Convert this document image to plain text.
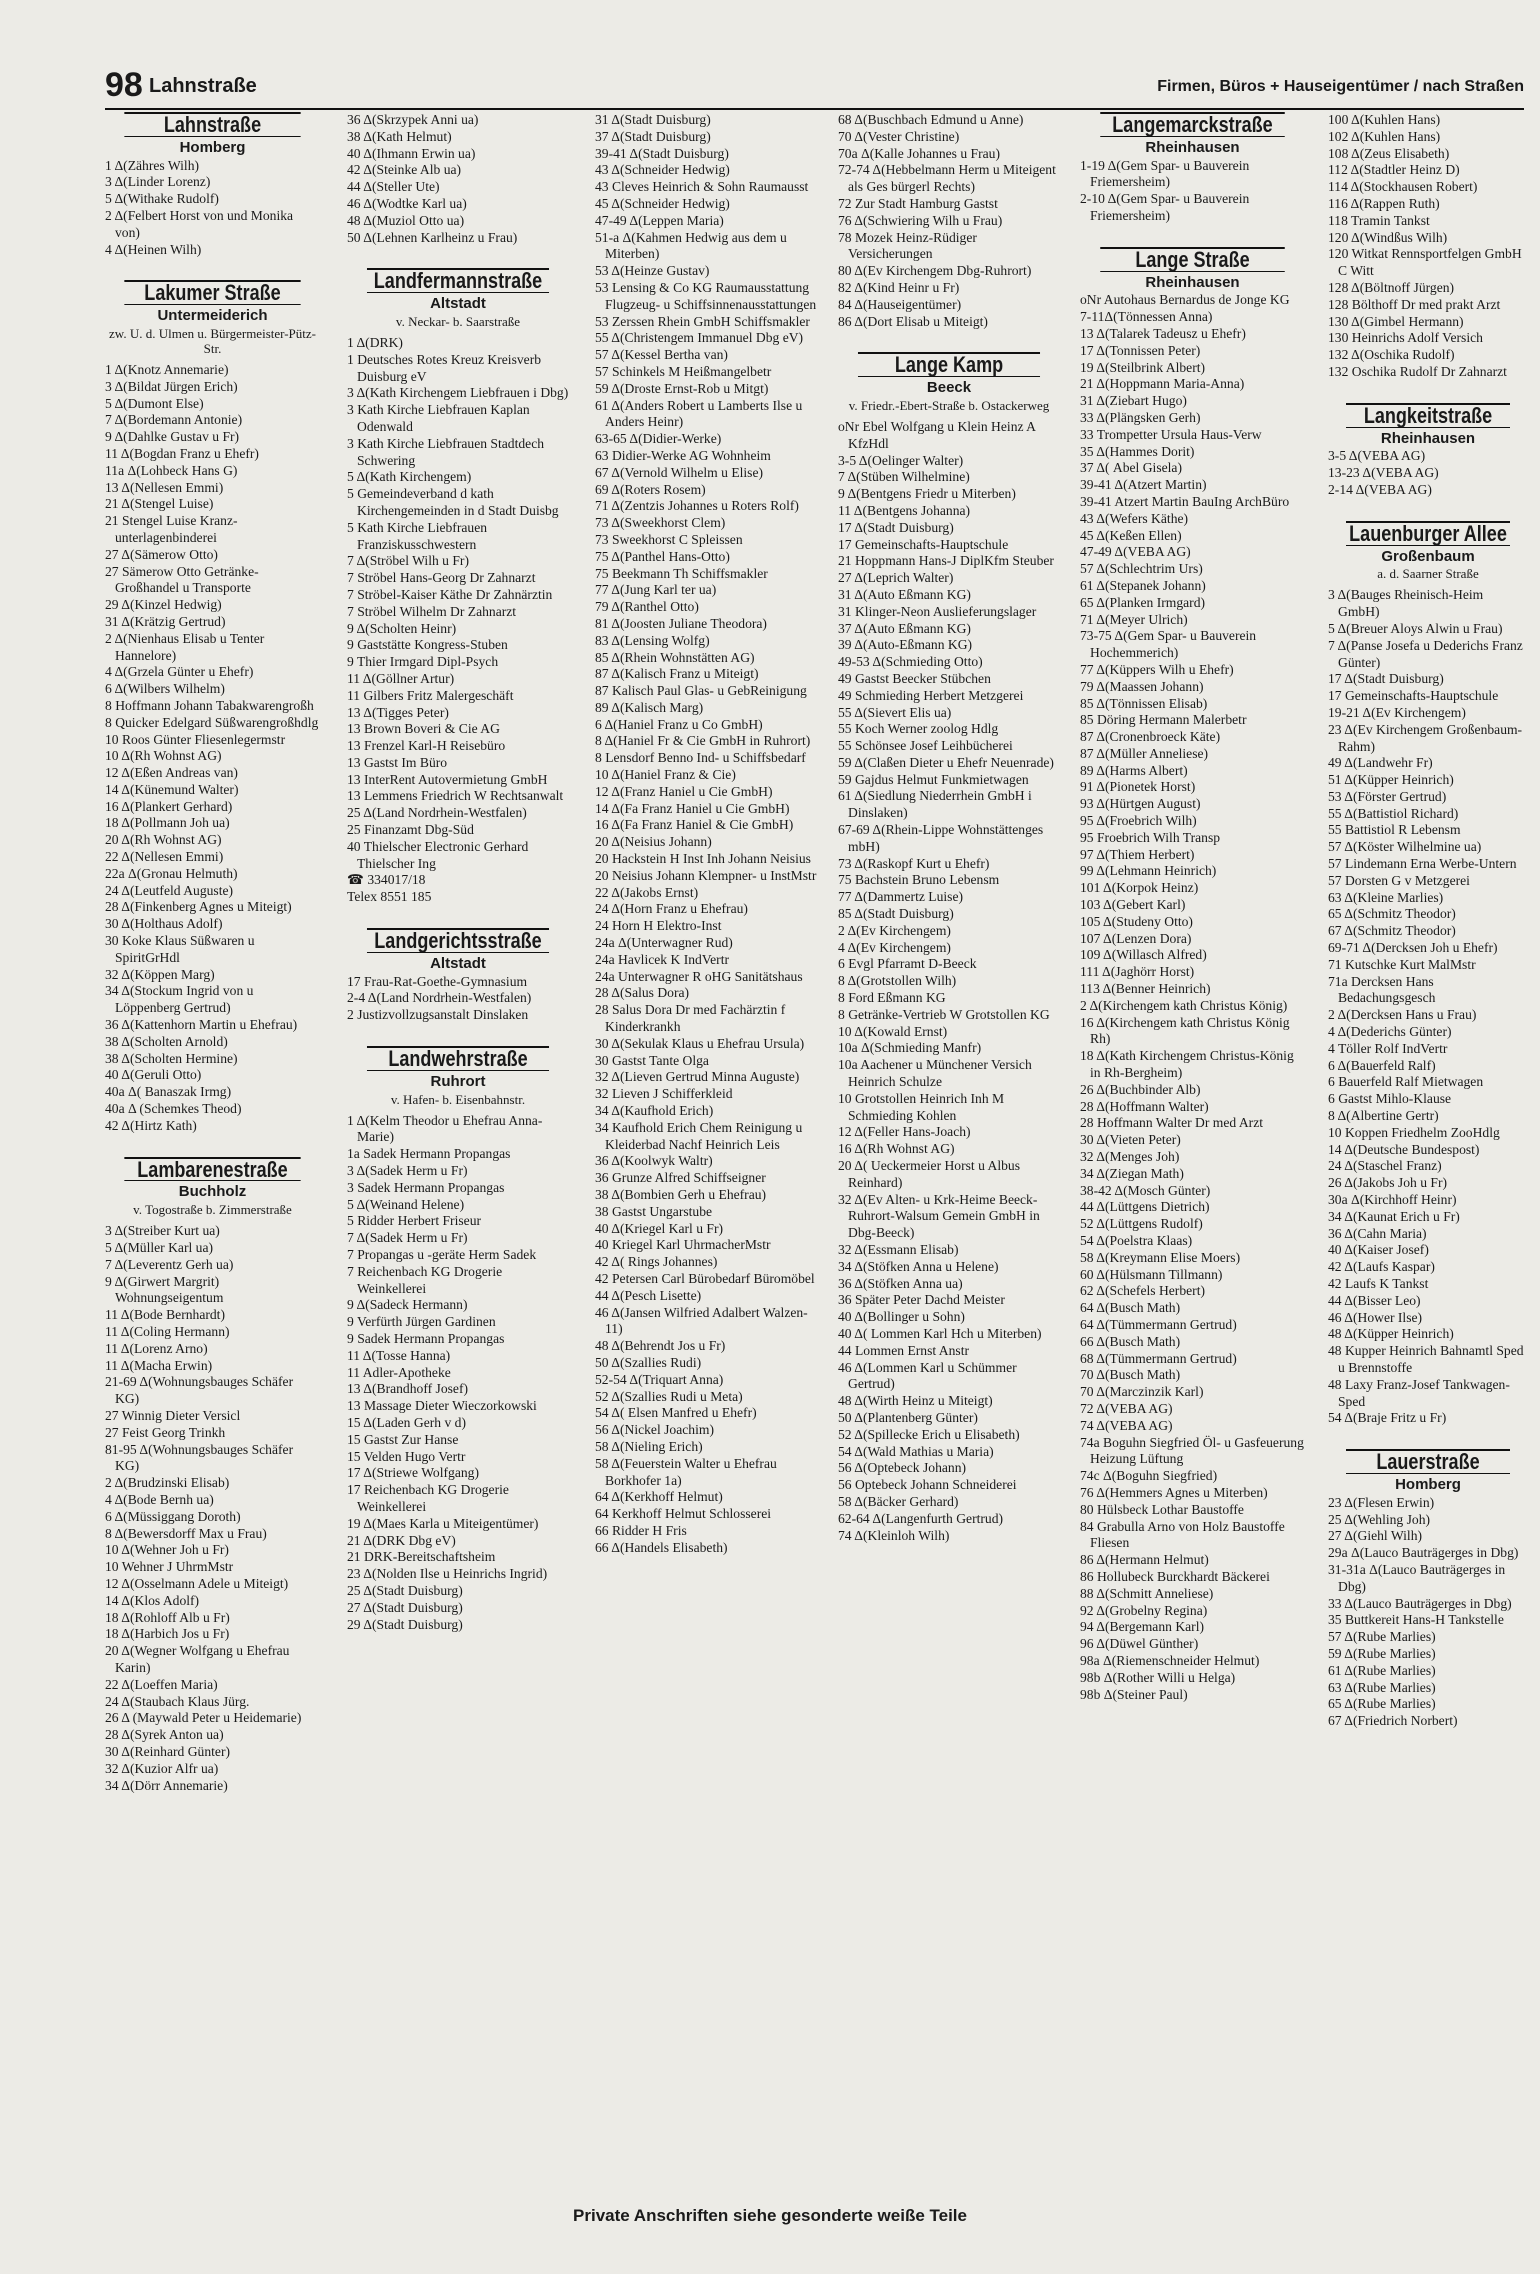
98 Lahnstraße	Firmen, Büros + Hauseigentümer / nach Straßen
Lahnstraße
Homberg
1 Δ(Zähres Wilh)
3 Δ(Linder Lorenz)
5 Δ(Withake Rudolf)
2 Δ(Felbert Horst von und Monika von)
4 Δ(Heinen Wilh)
Lakumer Straße
Untermeiderich
zw. U. d. Ulmen u. Bürgermeister-Pütz-Str.
1 Δ(Knotz Annemarie)
3 Δ(Bildat Jürgen Erich)
5 Δ(Dumont Else)
7 Δ(Bordemann Antonie)
9 Δ(Dahlke Gustav u Fr)
11 Δ(Bogdan Franz u Ehefr)
11a Δ(Lohbeck Hans G)
13 Δ(Nellesen Emmi)
21 Δ(Stengel Luise)
21 Stengel Luise Kranz-unterlagenbinderei
27 Δ(Sämerow Otto)
27 Sämerow Otto Getränke-Großhandel u Transporte
29 Δ(Kinzel Hedwig)
31 Δ(Krätzig Gertrud)
2 Δ(Nienhaus Elisab u Tenter Hannelore)
4 Δ(Grzela Günter u Ehefr)
6 Δ(Wilbers Wilhelm)
8 Hoffmann Johann Tabakwarengroßh
8 Quicker Edelgard Süßwarengroßhdlg
10 Roos Günter Fliesenlegermstr
10 Δ(Rh Wohnst AG)
12 Δ(Eßen Andreas van)
14 Δ(Künemund Walter)
16 Δ(Plankert Gerhard)
18 Δ(Pollmann Joh ua)
20 Δ(Rh Wohnst AG)
22 Δ(Nellesen Emmi)
22a Δ(Gronau Helmuth)
24 Δ(Leutfeld Auguste)
28 Δ(Finkenberg Agnes u Miteigt)
30 Δ(Holthaus Adolf)
30 Koke Klaus Süßwaren u SpiritGrHdl
32 Δ(Köppen Marg)
34 Δ(Stockum Ingrid von u Löppenberg Gertrud)
36 Δ(Kattenhorn Martin u Ehefrau)
38 Δ(Scholten Arnold)
38 Δ(Scholten Hermine)
40 Δ(Geruli Otto)
40a Δ( Banaszak Irmg)
40a Δ (Schemkes Theod)
42 Δ(Hirtz Kath)
Lambarenestraße
Buchholz
v. Togostraße b. Zimmerstraße
3 Δ(Streiber Kurt ua)
5 Δ(Müller Karl ua)
7 Δ(Leverentz Gerh ua)
9 Δ(Girwert Margrit) Wohnungseigentum
11 Δ(Bode Bernhardt)
11 Δ(Coling Hermann)
11 Δ(Lorenz Arno)
11 Δ(Macha Erwin)
21-69 Δ(Wohnungsbauges Schäfer KG)
27 Winnig Dieter Versicl
27 Feist Georg Trinkh
81-95 Δ(Wohnungsbauges Schäfer KG)
2 Δ(Brudzinski Elisab)
4 Δ(Bode Bernh ua)
6 Δ(Müssiggang Doroth)
8 Δ(Bewersdorff Max u Frau)
10 Δ(Wehner Joh u Fr)
10 Wehner J UhrmMstr
12 Δ(Osselmann Adele u Miteigt)
14 Δ(Klos Adolf)
18 Δ(Rohloff Alb u Fr)
18 Δ(Harbich Jos u Fr)
20 Δ(Wegner Wolfgang u Ehefrau Karin)
22 Δ(Loeffen Maria)
24 Δ(Staubach Klaus Jürg.
26 Δ (Maywald Peter u Heidemarie)
28 Δ(Syrek Anton ua)
30 Δ(Reinhard Günter)
32 Δ(Kuzior Alfr ua)
34 Δ(Dörr Annemarie)
36 Δ(Skrzypek Anni ua)
38 Δ(Kath Helmut)
40 Δ(Ihmann Erwin ua)
42 Δ(Steinke Alb ua)
44 Δ(Steller Ute)
46 Δ(Wodtke Karl ua)
48 Δ(Muziol Otto ua)
50 Δ(Lehnen Karlheinz u Frau)
Landfermannstraße
Altstadt
v. Neckar- b. Saarstraße
1 Δ(DRK)
1 Deutsches Rotes Kreuz Kreisverb Duisburg eV
3 Δ(Kath Kirchengem Liebfrauen i Dbg)
3 Kath Kirche Liebfrauen Kaplan Odenwald
3 Kath Kirche Liebfrauen Stadtdech Schwering
5 Δ(Kath Kirchengem)
5 Gemeindeverband d kath Kirchengemeinden in d Stadt Duisbg
5 Kath Kirche Liebfrauen Franziskusschwestern
7 Δ(Ströbel Wilh u Fr)
7 Ströbel Hans-Georg Dr Zahnarzt
7 Ströbel-Kaiser Käthe Dr Zahnärztin
7 Ströbel Wilhelm Dr Zahnarzt
9 Δ(Scholten Heinr)
9 Gaststätte Kongress-Stuben
9 Thier Irmgard Dipl-Psych
11 Δ(Göllner Artur)
11 Gilbers Fritz Malergeschäft
13 Δ(Tigges Peter)
13 Brown Boveri & Cie AG
13 Frenzel Karl-H Reisebüro
13 Gastst Im Büro
13 InterRent Autovermietung GmbH
13 Lemmens Friedrich W Rechtsanwalt
25 Δ(Land Nordrhein-Westfalen)
25 Finanzamt Dbg-Süd
40 Thielscher Electronic Gerhard Thielscher Ing
☎ 334017/18
Telex 8551 185
Landgerichtsstraße
Altstadt
17 Frau-Rat-Goethe-Gymnasium
2-4 Δ(Land Nordrhein-Westfalen)
2 Justizvollzugsanstalt Dinslaken
Landwehrstraße
Ruhrort
v. Hafen- b. Eisenbahnstr.
1 Δ(Kelm Theodor u Ehefrau Anna-Marie)
1a Sadek Hermann Propangas
3 Δ(Sadek Herm u Fr)
3 Sadek Hermann Propangas
5 Δ(Weinand Helene)
5 Ridder Herbert Friseur
7 Δ(Sadek Herm u Fr)
7 Propangas u -geräte Herm Sadek
7 Reichenbach KG Drogerie Weinkellerei
9 Δ(Sadeck Hermann)
9 Verfürth Jürgen Gardinen
9 Sadek Hermann Propangas
11 Δ(Tosse Hanna)
11 Adler-Apotheke
13 Δ(Brandhoff Josef)
13 Massage Dieter Wieczorkowski
15 Δ(Laden Gerh v d)
15 Gastst Zur Hanse
15 Velden Hugo Vertr
17 Δ(Striewe Wolfgang)
17 Reichenbach KG Drogerie Weinkellerei
19 Δ(Maes Karla u Miteigentümer)
21 Δ(DRK Dbg eV)
21 DRK-Bereitschaftsheim
23 Δ(Nolden Ilse u Heinrichs Ingrid)
25 Δ(Stadt Duisburg)
27 Δ(Stadt Duisburg)
29 Δ(Stadt Duisburg)
31 Δ(Stadt Duisburg)
37 Δ(Stadt Duisburg)
39-41 Δ(Stadt Duisburg)
43 Δ(Schneider Hedwig)
43 Cleves Heinrich & Sohn Raumausst
45 Δ(Schneider Hedwig)
47-49 Δ(Leppen Maria)
51-a Δ(Kahmen Hedwig aus dem u Miterben)
53 Δ(Heinze Gustav)
53 Lensing & Co KG Raumausstattung Flugzeug- u Schiffsinnenausstattungen
53 Zerssen Rhein GmbH Schiffsmakler
55 Δ(Christengem Immanuel Dbg eV)
57 Δ(Kessel Bertha van)
57 Schinkels M Heißmangelbetr
59 Δ(Droste Ernst-Rob u Mitgt)
61 Δ(Anders Robert u Lamberts Ilse u Anders Heinr)
63-65 Δ(Didier-Werke)
63 Didier-Werke AG Wohnheim
67 Δ(Vernold Wilhelm u Elise)
69 Δ(Roters Rosem)
71 Δ(Zentzis Johannes u Roters Rolf)
73 Δ(Sweekhorst Clem)
73 Sweekhorst C Spleissen
75 Δ(Panthel Hans-Otto)
75 Beekmann Th Schiffsmakler
77 Δ(Jung Karl ter ua)
79 Δ(Ranthel Otto)
81 Δ(Joosten Juliane Theodora)
83 Δ(Lensing Wolfg)
85 Δ(Rhein Wohnstätten AG)
87 Δ(Kalisch Franz u Miteigt)
87 Kalisch Paul Glas- u GebReinigung
89 Δ(Kalisch Marg)
6 Δ(Haniel Franz u Co GmbH)
8 Δ(Haniel Fr & Cie GmbH in Ruhrort)
8 Lensdorf Benno Ind- u Schiffsbedarf
10 Δ(Haniel Franz & Cie)
12 Δ(Franz Haniel u Cie GmbH)
14 Δ(Fa Franz Haniel u Cie GmbH)
16 Δ(Fa Franz Haniel & Cie GmbH)
20 Δ(Neisius Johann)
20 Hackstein H Inst Inh Johann Neisius
20 Neisius Johann Klempner- u InstMstr
22 Δ(Jakobs Ernst)
24 Δ(Horn Franz u Ehefrau)
24 Horn H Elektro-Inst
24a Δ(Unterwagner Rud)
24a Havlicek K IndVertr
24a Unterwagner R oHG Sanitätshaus
28 Δ(Salus Dora)
28 Salus Dora Dr med Fachärztin f Kinderkrankh
30 Δ(Sekulak Klaus u Ehefrau Ursula)
30 Gastst Tante Olga
32 Δ(Lieven Gertrud Minna Auguste)
32 Lieven J Schifferkleid
34 Δ(Kaufhold Erich)
34 Kaufhold Erich Chem Reinigung u Kleiderbad Nachf Heinrich Leis
36 Δ(Koolwyk Waltr)
36 Grunze Alfred Schiffseigner
38 Δ(Bombien Gerh u Ehefrau)
38 Gastst Ungarstube
40 Δ(Kriegel Karl u Fr)
40 Kriegel Karl UhrmacherMstr
42 Δ( Rings Johannes)
42 Petersen Carl Bürobedarf Büromöbel
44 Δ(Pesch Lisette)
46 Δ(Jansen Wilfried Adalbert Walzen-11)
48 Δ(Behrendt Jos u Fr)
50 Δ(Szallies Rudi)
52-54 Δ(Triquart Anna)
52 Δ(Szallies Rudi u Meta)
54 Δ( Elsen Manfred u Ehefr)
56 Δ(Nickel Joachim)
58 Δ(Nieling Erich)
58 Δ(Feuerstein Walter u Ehefrau Borkhofer 1a)
64 Δ(Kerkhoff Helmut)
64 Kerkhoff Helmut Schlosserei
66 Ridder H Fris
66 Δ(Handels Elisabeth)
68 Δ(Buschbach Edmund u Anne)
70 Δ(Vester Christine)
70a Δ(Kalle Johannes u Frau)
72-74 Δ(Hebbelmann Herm u Miteigent als Ges bürgerl Rechts)
72 Zur Stadt Hamburg Gastst
76 Δ(Schwiering Wilh u Frau)
78 Mozek Heinz-Rüdiger Versicherungen
80 Δ(Ev Kirchengem Dbg-Ruhrort)
82 Δ(Kind Heinr u Fr)
84 Δ(Hauseigentümer)
86 Δ(Dort Elisab u Miteigt)
Lange Kamp
Beeck
v. Friedr.-Ebert-Straße b. Ostackerweg
oNr Ebel Wolfgang u Klein Heinz A KfzHdl
3-5 Δ(Oelinger Walter)
7 Δ(Stüben Wilhelmine)
9 Δ(Bentgens Friedr u Miterben)
11 Δ(Bentgens Johanna)
17 Δ(Stadt Duisburg)
17 Gemeinschafts-Hauptschule
21 Hoppmann Hans-J DiplKfm Steuber
27 Δ(Leprich Walter)
31 Δ(Auto Eßmann KG)
31 Klinger-Neon Auslieferungslager
37 Δ(Auto Eßmann KG)
39 Δ(Auto-Eßmann KG)
49-53 Δ(Schmieding Otto)
49 Gastst Beecker Stübchen
49 Schmieding Herbert Metzgerei
55 Δ(Sievert Elis ua)
55 Koch Werner zoolog Hdlg
55 Schönsee Josef Leihbücherei
59 Δ(Claßen Dieter u Ehefr Neuenrade)
59 Gajdus Helmut Funkmietwagen
61 Δ(Siedlung Niederrhein GmbH i Dinslaken)
67-69 Δ(Rhein-Lippe Wohnstättenges mbH)
73 Δ(Raskopf Kurt u Ehefr)
75 Bachstein Bruno Lebensm
77 Δ(Dammertz Luise)
85 Δ(Stadt Duisburg)
2 Δ(Ev Kirchengem)
4 Δ(Ev Kirchengem)
6 Evgl Pfarramt D-Beeck
8 Δ(Grotstollen Wilh)
8 Ford Eßmann KG
8 Getränke-Vertrieb W Grotstollen KG
10 Δ(Kowald Ernst)
10a Δ(Schmieding Manfr)
10a Aachener u Münchener Versich Heinrich Schulze
10 Grotstollen Heinrich Inh M Schmieding Kohlen
12 Δ(Feller Hans-Joach)
16 Δ(Rh Wohnst AG)
20 Δ( Ueckermeier Horst u Albus Reinhard)
32 Δ(Ev Alten- u Krk-Heime Beeck-Ruhrort-Walsum Gemein GmbH in Dbg-Beeck)
32 Δ(Essmann Elisab)
34 Δ(Stöfken Anna u Helene)
36 Δ(Stöfken Anna ua)
36 Später Peter Dachd Meister
40 Δ(Bollinger u Sohn)
40 Δ( Lommen Karl Hch u Miterben)
44 Lommen Ernst Anstr
46 Δ(Lommen Karl u Schümmer Gertrud)
48 Δ(Wirth Heinz u Miteigt)
50 Δ(Plantenberg Günter)
52 Δ(Spillecke Erich u Elisabeth)
54 Δ(Wald Mathias u Maria)
56 Δ(Optebeck Johann)
56 Optebeck Johann Schneiderei
58 Δ(Bäcker Gerhard)
62-64 Δ(Langenfurth Gertrud)
74 Δ(Kleinloh Wilh)
Langemarckstraße
Rheinhausen
1-19 Δ(Gem Spar- u Bauverein Friemersheim)
2-10 Δ(Gem Spar- u Bauverein Friemersheim)
Lange Straße
Rheinhausen
oNr Autohaus Bernardus de Jonge KG
7-11Δ(Tönnessen Anna)
13 Δ(Talarek Tadeusz u Ehefr)
17 Δ(Tonnissen Peter)
19 Δ(Steilbrink Albert)
21 Δ(Hoppmann Maria-Anna)
31 Δ(Ziebart Hugo)
33 Δ(Plängsken Gerh)
33 Trompetter Ursula Haus-Verw
35 Δ(Hammes Dorit)
37 Δ( Abel Gisela)
39-41 Δ(Atzert Martin)
39-41 Atzert Martin BauIng ArchBüro
43 Δ(Wefers Käthe)
45 Δ(Keßen Ellen)
47-49 Δ(VEBA AG)
57 Δ(Schlechtrim Urs)
61 Δ(Stepanek Johann)
65 Δ(Planken Irmgard)
71 Δ(Meyer Ulrich)
73-75 Δ(Gem Spar- u Bauverein Hochemmerich)
77 Δ(Küppers Wilh u Ehefr)
79 Δ(Maassen Johann)
85 Δ(Tönnissen Elisab)
85 Döring Hermann Malerbetr
87 Δ(Cronenbroeck Käte)
87 Δ(Müller Anneliese)
89 Δ(Harms Albert)
91 Δ(Pionetek Horst)
93 Δ(Hürtgen August)
95 Δ(Froebrich Wilh)
95 Froebrich Wilh Transp
97 Δ(Thiem Herbert)
99 Δ(Lehmann Heinrich)
101 Δ(Korpok Heinz)
103 Δ(Gebert Karl)
105 Δ(Studeny Otto)
107 Δ(Lenzen Dora)
109 Δ(Willasch Alfred)
111 Δ(Jaghörr Horst)
113 Δ(Benner Heinrich)
2 Δ(Kirchengem kath Christus König)
16 Δ(Kirchengem kath Christus König Rh)
18 Δ(Kath Kirchengem Christus-König in Rh-Bergheim)
26 Δ(Buchbinder Alb)
28 Δ(Hoffmann Walter)
28 Hoffmann Walter Dr med Arzt
30 Δ(Vieten Peter)
32 Δ(Menges Joh)
34 Δ(Ziegan Math)
38-42 Δ(Mosch Günter)
44 Δ(Lüttgens Dietrich)
52 Δ(Lüttgens Rudolf)
54 Δ(Poelstra Klaas)
58 Δ(Kreymann Elise Moers)
60 Δ(Hülsmann Tillmann)
62 Δ(Schefels Herbert)
64 Δ(Busch Math)
64 Δ(Tümmermann Gertrud)
66 Δ(Busch Math)
68 Δ(Tümmermann Gertrud)
70 Δ(Busch Math)
70 Δ(Marczinzik Karl)
72 Δ(VEBA AG)
74 Δ(VEBA AG)
74a Boguhn Siegfried Öl- u Gasfeuerung Heizung Lüftung
74c Δ(Boguhn Siegfried)
76 Δ(Hemmers Agnes u Miterben)
80 Hülsbeck Lothar Baustoffe
84 Grabulla Arno von Holz Baustoffe Fliesen
86 Δ(Hermann Helmut)
86 Hollubeck Burckhardt Bäckerei
88 Δ(Schmitt Anneliese)
92 Δ(Grobelny Regina)
94 Δ(Bergemann Karl)
96 Δ(Düwel Günther)
98a Δ(Riemenschneider Helmut)
98b Δ(Rother Willi u Helga)
98b Δ(Steiner Paul)
100 Δ(Kuhlen Hans)
102 Δ(Kuhlen Hans)
108 Δ(Zeus Elisabeth)
112 Δ(Stadtler Heinz D)
114 Δ(Stockhausen Robert)
116 Δ(Rappen Ruth)
118 Tramin Tankst
120 Δ(Windßus Wilh)
120 Witkat Rennsportfelgen GmbH C Witt
128 Δ(Böltnoff Jürgen)
128 Bölthoff Dr med prakt Arzt
130 Δ(Gimbel Hermann)
130 Heinrichs Adolf Versich
132 Δ(Oschika Rudolf)
132 Oschika Rudolf Dr Zahnarzt
Langkeitstraße
Rheinhausen
3-5 Δ(VEBA AG)
13-23 Δ(VEBA AG)
2-14 Δ(VEBA AG)
Lauenburger Allee
Großenbaum
a. d. Saarner Straße
3 Δ(Bauges Rheinisch-Heim GmbH)
5 Δ(Breuer Aloys Alwin u Frau)
7 Δ(Panse Josefa u Dederichs Franz Günter)
17 Δ(Stadt Duisburg)
17 Gemeinschafts-Hauptschule
19-21 Δ(Ev Kirchengem)
23 Δ(Ev Kirchengem Großenbaum-Rahm)
49 Δ(Landwehr Fr)
51 Δ(Küpper Heinrich)
53 Δ(Förster Gertrud)
55 Δ(Battistiol Richard)
55 Battistiol R Lebensm
57 Δ(Köster Wilhelmine ua)
57 Lindemann Erna Werbe-Untern
57 Dorsten G v Metzgerei
63 Δ(Kleine Marlies)
65 Δ(Schmitz Theodor)
67 Δ(Schmitz Theodor)
69-71 Δ(Dercksen Joh u Ehefr)
71 Kutschke Kurt MalMstr
71a Dercksen Hans Bedachungsgesch
2 Δ(Dercksen Hans u Frau)
4 Δ(Dederichs Günter)
4 Töller Rolf IndVertr
6 Δ(Bauerfeld Ralf)
6 Bauerfeld Ralf Mietwagen
6 Gastst Mihlo-Klause
8 Δ(Albertine Gertr)
10 Koppen Friedhelm ZooHdlg
14 Δ(Deutsche Bundespost)
24 Δ(Staschel Franz)
26 Δ(Jakobs Joh u Fr)
30a Δ(Kirchhoff Heinr)
34 Δ(Kaunat Erich u Fr)
36 Δ(Cahn Maria)
40 Δ(Kaiser Josef)
42 Δ(Laufs Kaspar)
42 Laufs K Tankst
44 Δ(Bisser Leo)
46 Δ(Hower Ilse)
48 Δ(Küpper Heinrich)
48 Kupper Heinrich Bahnamtl Sped u Brennstoffe
48 Laxy Franz-Josef Tankwagen-Sped
54 Δ(Braje Fritz u Fr)
Lauerstraße
Homberg
23 Δ(Flesen Erwin)
25 Δ(Wehling Joh)
27 Δ(Giehl Wilh)
29a Δ(Lauco Bauträgerges in Dbg)
31-31a Δ(Lauco Bauträgerges in Dbg)
33 Δ(Lauco Bauträgerges in Dbg)
35 Buttkereit Hans-H Tankstelle
57 Δ(Rube Marlies)
59 Δ(Rube Marlies)
61 Δ(Rube Marlies)
63 Δ(Rube Marlies)
65 Δ(Rube Marlies)
67 Δ(Friedrich Norbert)
Private Anschriften siehe gesonderte weiße Teile
